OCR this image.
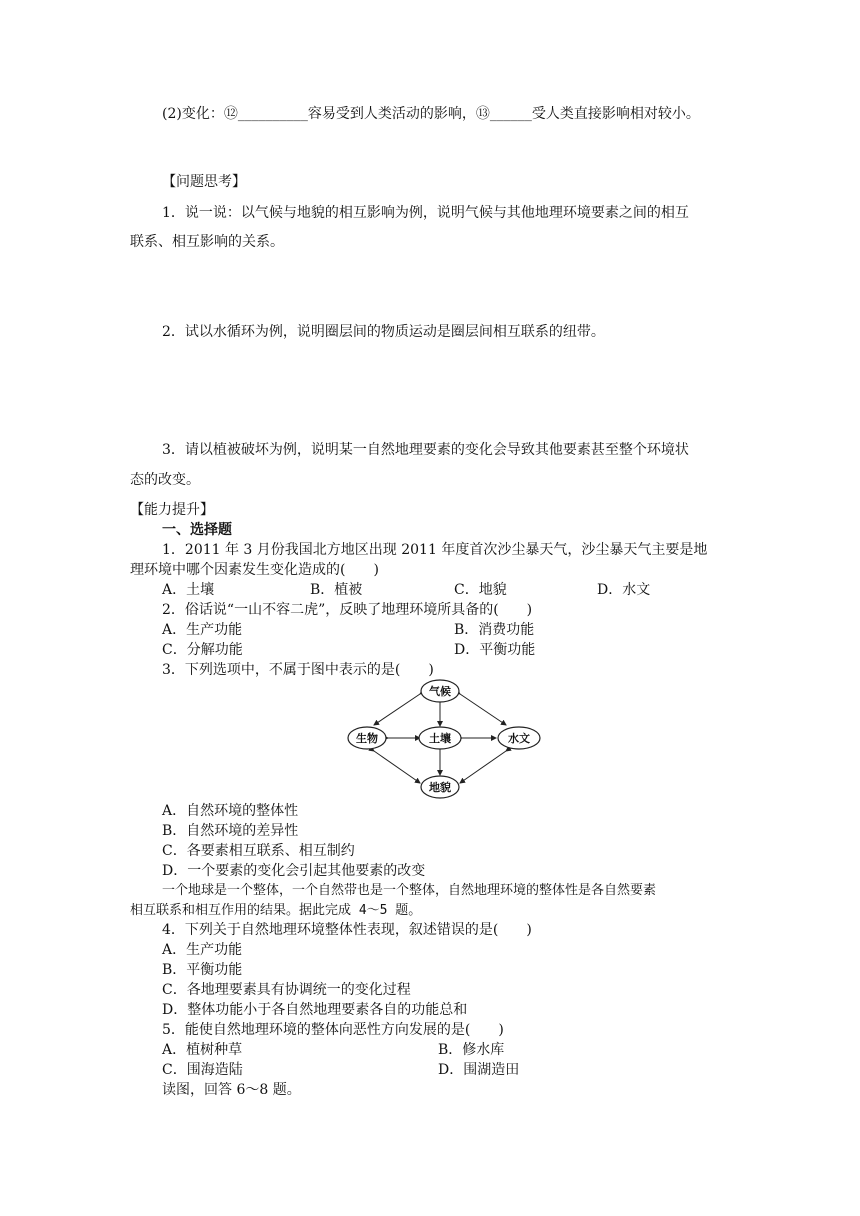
(2)变化：⑫__________容易受到人类活动的影响，⑬______受人类直接影响相对较小。
【问题思考】
1．说一说：以气候与地貌的相互影响为例，说明气候与其他地理环境要素之间的相互
联系、相互影响的关系。
2．试以水循环为例，说明圈层间的物质运动是圈层间相互联系的纽带。
3．请以植被破坏为例，说明某一自然地理要素的变化会导致其他要素甚至整个环境状
态的改变。
【能力提升】
一、选择题
1．2011 年 3 月份我国北方地区出现 2011 年度首次沙尘暴天气，沙尘暴天气主要是地
理环境中哪个因素发生变化造成的(　　)
A．土壤	B．植被	C．地貌	D．水文
2．俗话说“一山不容二虎”，反映了地理环境所具备的(　　)
A．生产功能	B．消费功能
C．分解功能	D．平衡功能
3．下列选项中，不属于图中表示的是(　　)
气候
生物	土壤	水文
地貌
A．自然环境的整体性
B．自然环境的差异性
C．各要素相互联系、相互制约
D．一个要素的变化会引起其他要素的改变
一个地球是一个整体，一个自然带也是一个整体，自然地理环境的整体性是各自然要素
相互联系和相互作用的结果。据此完成 4～5 题。
4．下列关于自然地理环境整体性表现，叙述错误的是(　　)
A．生产功能
B．平衡功能
C．各地理要素具有协调统一的变化过程
D．整体功能小于各自然地理要素各自的功能总和
5．能使自然地理环境的整体向恶性方向发展的是(　　)
A．植树种草	B．修水库
C．围海造陆	D．围湖造田
读图，回答 6～8 题。
